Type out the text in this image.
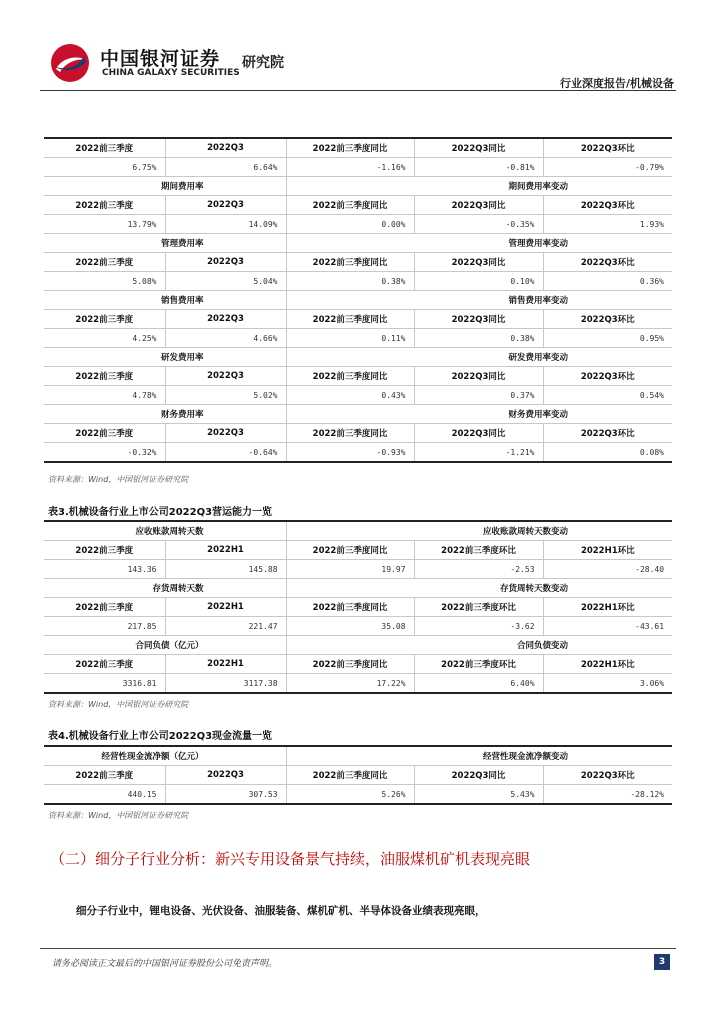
中国银河证券
CHINA GALAXY SECURITIES
研究院
行业深度报告/机械设备
2022前三季度	2022Q3	2022前三季度同比	2022Q3同比	2022Q3环比
6.75%	6.64%	-1.16%	-0.81%	-0.79%
期间费用率		期间费用率变动		
2022前三季度	2022Q3	2022前三季度同比	2022Q3同比	2022Q3环比
13.79%	14.09%	0.00%	-0.35%	1.93%
管理费用率		管理费用率变动		
2022前三季度	2022Q3	2022前三季度同比	2022Q3同比	2022Q3环比
5.08%	5.04%	0.38%	0.10%	0.36%
销售费用率		销售费用率变动		
2022前三季度	2022Q3	2022前三季度同比	2022Q3同比	2022Q3环比
4.25%	4.66%	0.11%	0.38%	0.95%
研发费用率		研发费用率变动		
2022前三季度	2022Q3	2022前三季度同比	2022Q3同比	2022Q3环比
4.78%	5.02%	0.43%	0.37%	0.54%
财务费用率		财务费用率变动		
2022前三季度	2022Q3	2022前三季度同比	2022Q3同比	2022Q3环比
-0.32%	-0.64%	-0.93%	-1.21%	0.08%
资料来源：Wind，中国银河证券研究院
表3.机械设备行业上市公司2022Q3营运能力一览
应收账款周转天数		应收账款周转天数变动		
2022前三季度	2022H1	2022前三季度同比	2022前三季度环比	2022H1环比
143.36	145.88	19.97	-2.53	-28.40
存货周转天数		存货周转天数变动		
2022前三季度	2022H1	2022前三季度同比	2022前三季度环比	2022H1环比
217.85	221.47	35.08	-3.62	-43.61
合同负债（亿元）		合同负债变动		
2022前三季度	2022H1	2022前三季度同比	2022前三季度环比	2022H1环比
3316.81	3117.38	17.22%	6.40%	3.06%
资料来源：Wind，中国银河证券研究院
表4.机械设备行业上市公司2022Q3现金流量一览
经营性现金流净额（亿元）		经营性现金流净额变动		
2022前三季度	2022Q3	2022前三季度同比	2022Q3同比	2022Q3环比
440.15	307.53	5.26%	5.43%	-28.12%
资料来源：Wind，中国银河证券研究院
（二）细分子行业分析：新兴专用设备景气持续，油服煤机矿机表现亮眼
细分子行业中，锂电设备、光伏设备、油服装备、煤机矿机、半导体设备业绩表现亮眼，
请务必阅读正文最后的中国银河证券股份公司免责声明。	3
